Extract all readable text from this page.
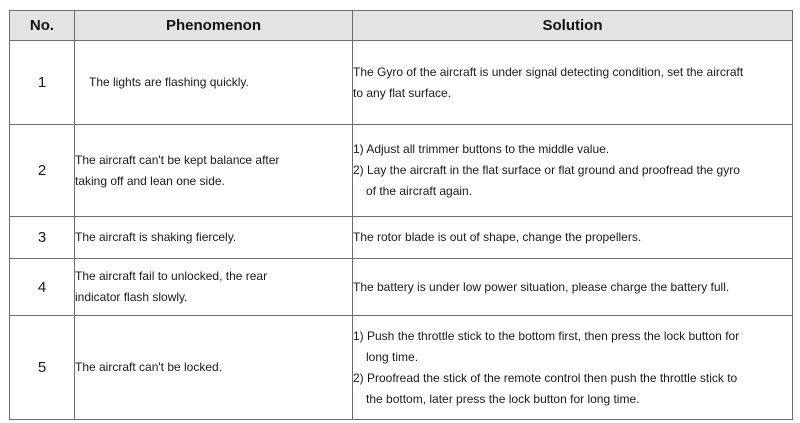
No.	Phenomenon	Solution
1	The lights are flashing quickly.	The Gyro of the aircraft is under signal detecting condition, set the aircraft
to any flat surface.

2	The aircraft can't be kept balance after
taking off and lean one side.	1) Adjust all trimmer buttons to the middle value.
2) Lay the aircraft in the flat surface or flat ground and proofread the gyro
of the aircraft again.

3	The aircraft is shaking fiercely.	The rotor blade is out of shape, change the propellers.

4	The aircraft fail to unlocked, the rear
indicator flash slowly.	The battery is under low power situation, please charge the battery full.

5	The aircraft can't be locked.	1) Push the throttle stick to the bottom first, then press the lock button for
long time.
2) Proofread the stick of the remote control then push the throttle stick to
the bottom, later press the lock button for long time.
